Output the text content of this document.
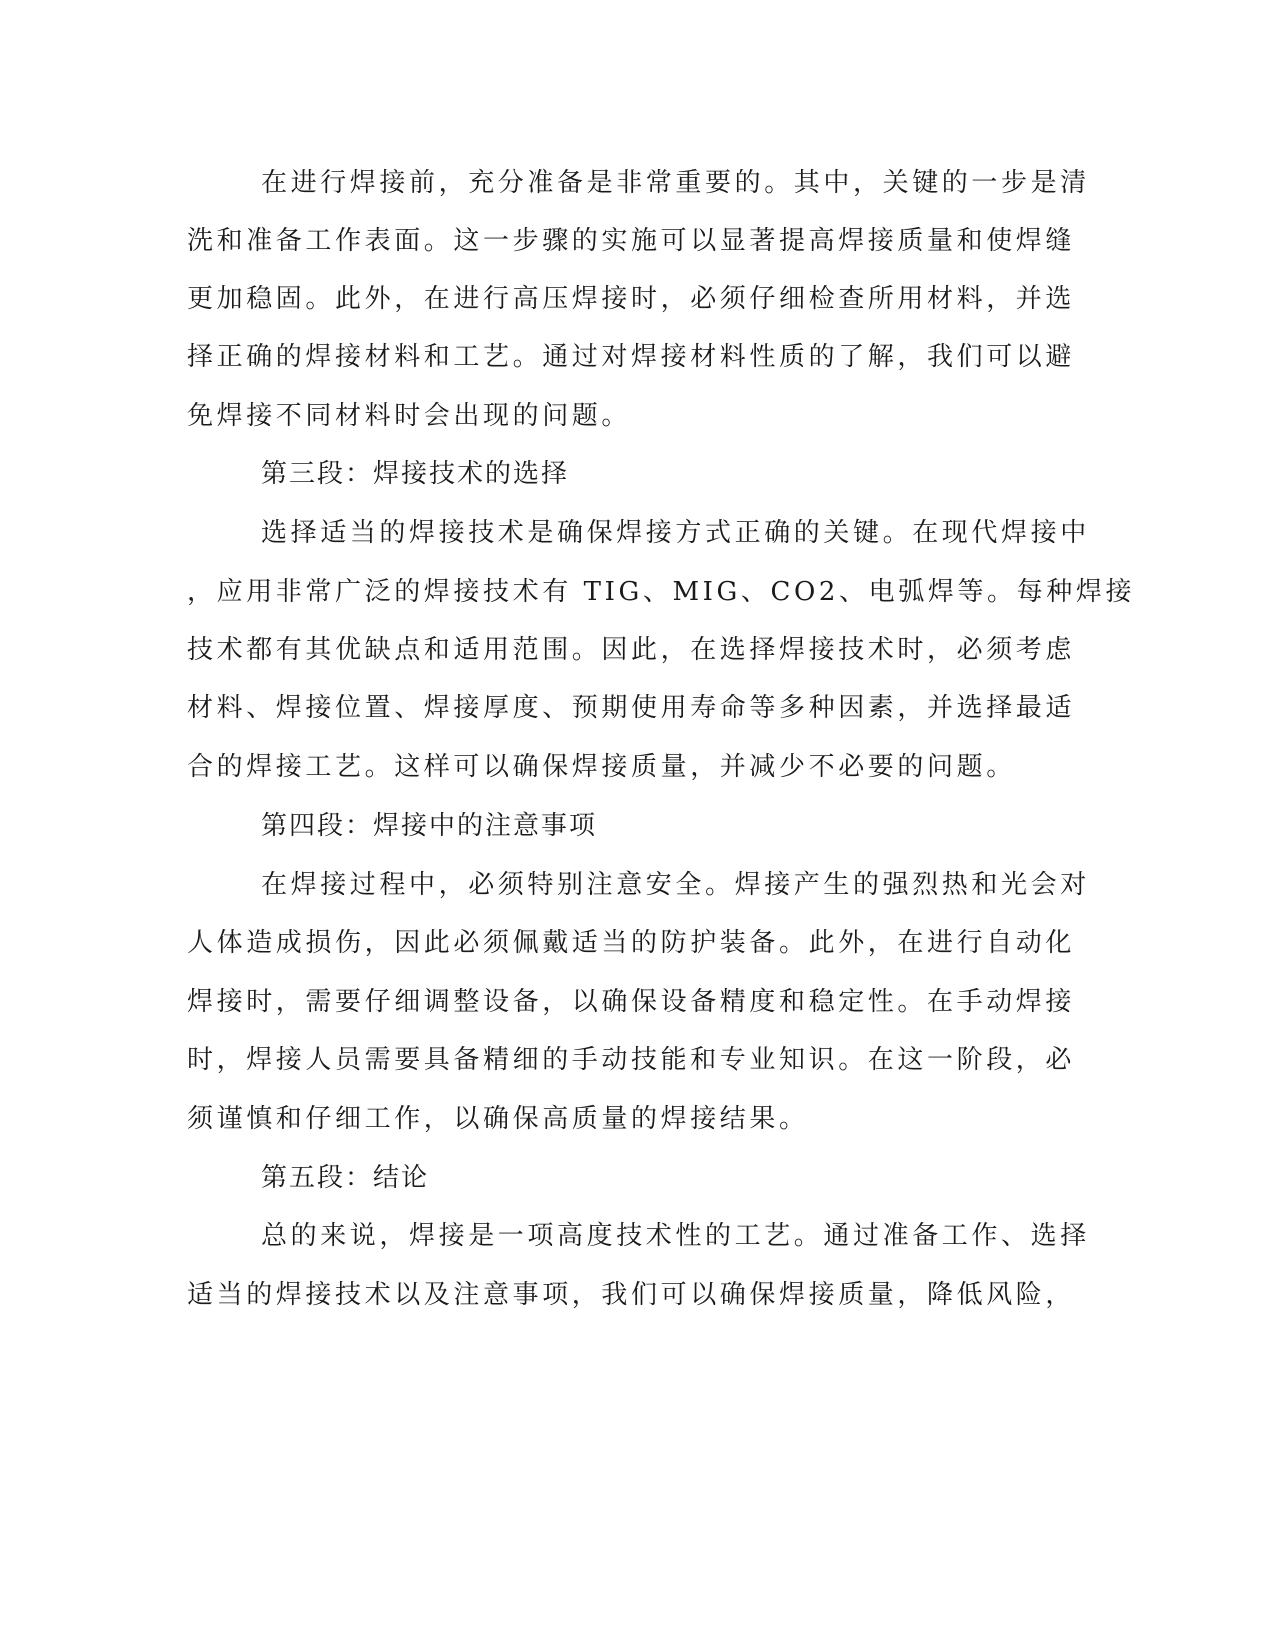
在进行焊接前，充分准备是非常重要的。其中，关键的一步是清
洗和准备工作表面。这一步骤的实施可以显著提高焊接质量和使焊缝
更加稳固。此外，在进行高压焊接时，必须仔细检查所用材料，并选
择正确的焊接材料和工艺。通过对焊接材料性质的了解，我们可以避
免焊接不同材料时会出现的问题。
第三段：焊接技术的选择
选择适当的焊接技术是确保焊接方式正确的关键。在现代焊接中
，应用非常广泛的焊接技术有 TIG、MIG、CO2、电弧焊等。每种焊接
技术都有其优缺点和适用范围。因此，在选择焊接技术时，必须考虑
材料、焊接位置、焊接厚度、预期使用寿命等多种因素，并选择最适
合的焊接工艺。这样可以确保焊接质量，并减少不必要的问题。
第四段：焊接中的注意事项
在焊接过程中，必须特别注意安全。焊接产生的强烈热和光会对
人体造成损伤，因此必须佩戴适当的防护装备。此外，在进行自动化
焊接时，需要仔细调整设备，以确保设备精度和稳定性。在手动焊接
时，焊接人员需要具备精细的手动技能和专业知识。在这一阶段，必
须谨慎和仔细工作，以确保高质量的焊接结果。
第五段：结论
总的来说，焊接是一项高度技术性的工艺。通过准备工作、选择
适当的焊接技术以及注意事项，我们可以确保焊接质量，降低风险，
